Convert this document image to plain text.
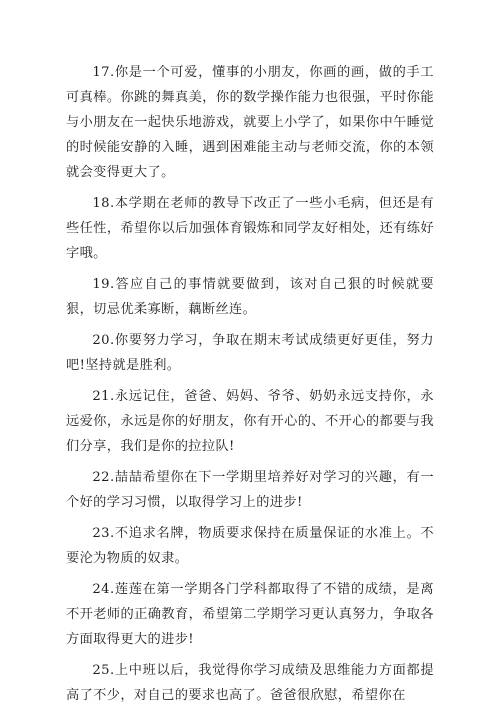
17.你是一个可爱，懂事的小朋友，你画的画，做的手工可真棒。你跳的舞真美，你的数学操作能力也很强，平时你能与小朋友在一起快乐地游戏，就要上小学了，如果你中午睡觉的时候能安静的入睡，遇到困难能主动与老师交流，你的本领就会变得更大了。

18.本学期在老师的教导下改正了一些小毛病，但还是有些任性，希望你以后加强体育锻炼和同学友好相处，还有练好字哦。

19.答应自己的事情就要做到，该对自己狠的时候就要狠，切忌优柔寡断，藕断丝连。

20.你要努力学习，争取在期末考试成绩更好更佳，努力吧!坚持就是胜利。

21.永远记住，爸爸、妈妈、爷爷、奶奶永远支持你，永远爱你，永远是你的好朋友，你有开心的、不开心的都要与我们分享，我们是你的拉拉队!

22.喆喆希望你在下一学期里培养好对学习的兴趣，有一个好的学习习惯，以取得学习上的进步!

23.不追求名牌，物质要求保持在质量保证的水准上。不要沦为物质的奴隶。

24.莲莲在第一学期各门学科都取得了不错的成绩，是离不开老师的正确教育，希望第二学期学习更认真努力，争取各方面取得更大的进步!

25.上中班以后，我觉得你学习成绩及思维能力方面都提高了不少，对自己的要求也高了。爸爸很欣慰，希望你在
